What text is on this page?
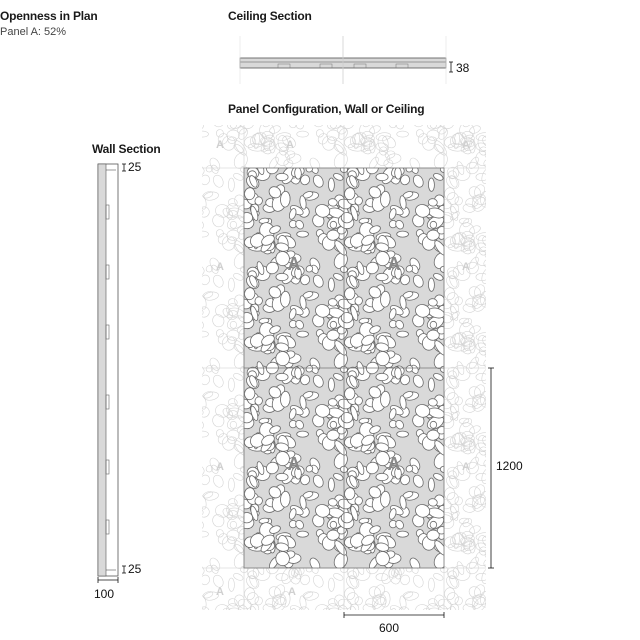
Openness in Plan
Panel A: 52%
Ceiling Section
Panel Configuration, Wall or Ceiling
Wall Section
38
25
25
100
1200
600
A	A
A	A
A	A
A	A
A	A
A	A
A
